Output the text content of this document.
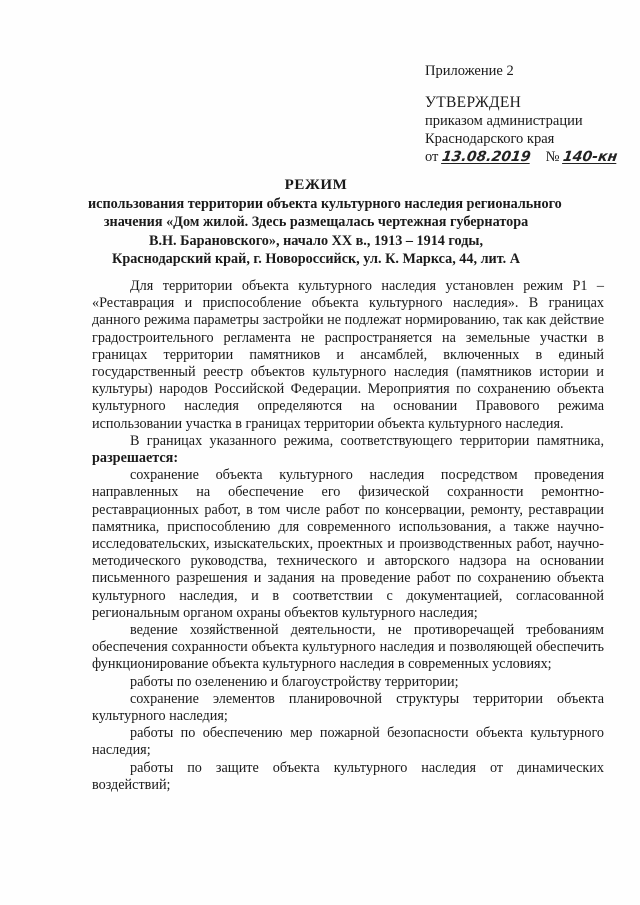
Приложение 2
УТВЕРЖДЕН
приказом администрации
Краснодарского края
от 13.08.2019 № 140-кн
РЕЖИМ
использования территории объекта культурного наследия регионального
значения «Дом жилой. Здесь размещалась чертежная губернатора
В.Н. Барановского», начало XX в., 1913 – 1914 годы,
Краснодарский край, г. Новороссийск, ул. К. Маркса, 44, лит. А

Для территории объекта культурного наследия установлен режим Р1 – «Реставрация и приспособление объекта культурного наследия». В границах данного режима параметры застройки не подлежат нормированию, так как действие градостроительного регламента не распространяется на земельные участки в границах территории памятников и ансамблей, включенных в единый государственный реестр объектов культурного наследия (памятников истории и культуры) народов Российской Федерации. Мероприятия по сохранению объекта культурного наследия определяются на основании Правового режима использовании участка в границах территории объекта культурного наследия.

В границах указанного режима, соответствующего территории памятника, разрешается:

сохранение объекта культурного наследия посредством проведения направленных на обеспечение его физической сохранности ремонтно-реставрационных работ, в том числе работ по консервации, ремонту, реставрации памятника, приспособлению для современного использования, а также научно-исследовательских, изыскательских, проектных и производственных работ, научно-методического руководства, технического и авторского надзора на основании письменного разрешения и задания на проведение работ по сохранению объекта культурного наследия, и в соответствии с документацией, согласованной региональным органом охраны объектов культурного наследия;

ведение хозяйственной деятельности, не противоречащей требованиям обеспечения сохранности объекта культурного наследия и позволяющей обеспечить функционирование объекта культурного наследия в современных условиях;

работы по озеленению и благоустройству территории;

сохранение элементов планировочной структуры территории объекта культурного наследия;

работы по обеспечению мер пожарной безопасности объекта культурного наследия;

работы по защите объекта культурного наследия от динамических воздействий;
